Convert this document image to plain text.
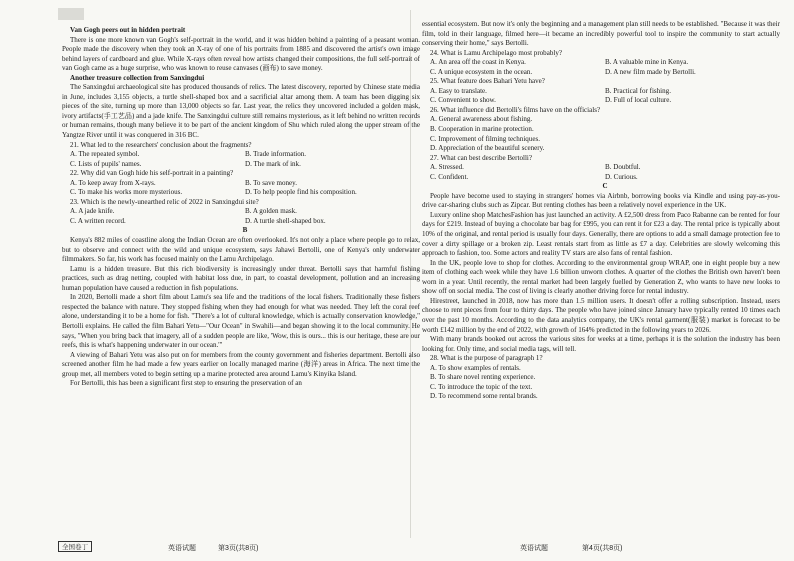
Van Gogh peers out in hidden portrait

There is one more known van Gogh's self-portrait in the world, and it was hidden behind a painting of a peasant woman. People made the discovery when they took an X-ray of one of his portraits from 1885 and discovered the artist's own image behind layers of cardboard and glue. While X-rays often reveal how artists changed their compositions, the full self-portrait of van Gogh came as a huge surprise, who was known to reuse canvases (画布) to save money.

Another treasure collection from Sanxingdui

The Sanxingdui archaeological site has produced thousands of relics. The latest discovery, reported by Chinese state media in June, includes 3,155 objects, a turtle shell-shaped box and a sacrificial altar among them. A team has been digging six pieces of the site, turning up more than 13,000 objects so far. Last year, the relics they uncovered included a golden mask, ivory artifacts(手工艺品) and a jade knife. The Sanxingdui culture still remains mysterious, as it left behind no written records or human remains, though many believe it to be part of the ancient kingdom of Shu which ruled along the upper stream of the Yangtze River until it was conquered in 316 BC.

21. What led to the researchers' conclusion about the fragments?

A. The repeated symbol.	B. Trade information.
C. Lists of pupils' names.	D. The mark of ink.

22. Why did van Gogh hide his self-portrait in a painting?

A. To keep away from X-rays.	B. To save money.
C. To make his works more mysterious.	D. To help people find his composition.

23. Which is the newly-unearthed relic of 2022 in Sanxingdui site?

A. A jade knife.	B. A golden mask.
C. A written record.	D. A turtle shell-shaped box.

B

Kenya's 882 miles of coastline along the Indian Ocean are often overlooked. It's not only a place where people go to relax, but to observe and connect with the wild and unique ecosystem, says Jahawi Bertolli, one of Kenya's only underwater filmmakers. So far, his work has focused mainly on the Lamu Archipelago.

Lamu is a hidden treasure. But this rich biodiversity is increasingly under threat. Bertolli says that harmful fishing practices, such as drag netting, coupled with habitat loss due, in part, to coastal development, pollution and an increasing human population have caused a reduction in fish populations.

In 2020, Bertolli made a short film about Lamu's sea life and the traditions of the local fishers. Traditionally these fishers respected the balance with nature. They stopped fishing when they had enough for what was needed. They left the coral reef alone, understanding it to be a home for fish. "There's a lot of cultural knowledge, which is actually conservation knowledge," Bertolli explains. He called the film Bahari Yetu—"Our Ocean" in Swahili—and began showing it to the local community. He says, "When you bring back that imagery, all of a sudden people are like, 'Wow, this is ours... this is our heritage, these are our reefs, this is what's happening underwater in our ocean.'"

A viewing of Bahari Yetu was also put on for members from the county government and fisheries department. Bertolli also screened another film he had made a few years earlier on locally managed marine (海洋) areas in Africa. The next time the group met, all members voted to begin setting up a marine protected area around Lamu's Kinyika Island.

For Bertolli, this has been a significant first step to ensuring the preservation of an

essential ecosystem. But now it's only the beginning and a management plan still needs to be established. "Because it was their film, told in their language, filmed here—it became an incredibly powerful tool to inspire the community to start actually conserving their home," says Bertolli.

24. What is Lamu Archipelago most probably?

A. An area off the coast in Kenya.	B. A valuable mine in Kenya.
C. A unique ecosystem in the ocean.	D. A new film made by Bertolli.

25. What feature does Bahari Yetu have?

A. Easy to translate.	B. Practical for fishing.
C. Convenient to show.	D. Full of local culture.

26. What influence did Bertolli's films have on the officials?

A. General awareness about fishing.
B. Cooperation in marine protection.
C. Improvement of filming techniques.
D. Appreciation of the beautiful scenery.

27. What can best describe Bertolli?

A. Stressed.	B. Doubtful.
C. Confident.	D. Curious.

C

People have become used to staying in strangers' homes via Airbnb, borrowing books via Kindle and using pay-as-you-drive car-sharing clubs such as Zipcar. But renting clothes has been a relatively novel experience in the UK.

Luxury online shop MatchesFashion has just launched an activity. A £2,500 dress from Paco Rabanne can be rented for four days for £219. Instead of buying a chocolate bar bag for £995, you can rent it for £23 a day. The rental price is typically about 10% of the original, and rental period is usually four days. Generally, there are options to add a small damage protection fee to cover a dirty spillage or a broken zip. Least rentals start from as little as £7 a day. Celebrities are slowly welcoming this approach to fashion, too. Some actors and reality TV stars are also fans of rental fashion.

In the UK, people love to shop for clothes. According to the environmental group WRAP, one in eight people buy a new item of clothing each week while they have 1.6 billion unworn clothes. A quarter of the clothes the British own haven't been worn in a year. Until recently, the rental market had been largely fuelled by Generation Z, who wants to have new looks to show off on social media. The cost of living is clearly another driving force for rental industry.

Hirestreet, launched in 2018, now has more than 1.5 million users. It doesn't offer a rolling subscription. Instead, users choose to rent pieces from four to thirty days. The people who have joined since January have typically rented 10 times each over the past 10 months. According to the data analytics company, the UK's rental garment(服装) market is forecast to be worth £142 million by the end of 2022, with growth of 164% predicted in the following years to 2026.

With many brands booked out across the various sites for weeks at a time, perhaps it is the solution the industry has been looking for. Only time, and social media tags, will tell.

28. What is the purpose of paragraph 1?

A. To show examples of rentals.
B. To share novel renting experience.
C. To introduce the topic of the text.
D. To recommend some rental brands.
全国卷丁	英语试题	第3页(共8页)	英语试题	第4页(共8页)
